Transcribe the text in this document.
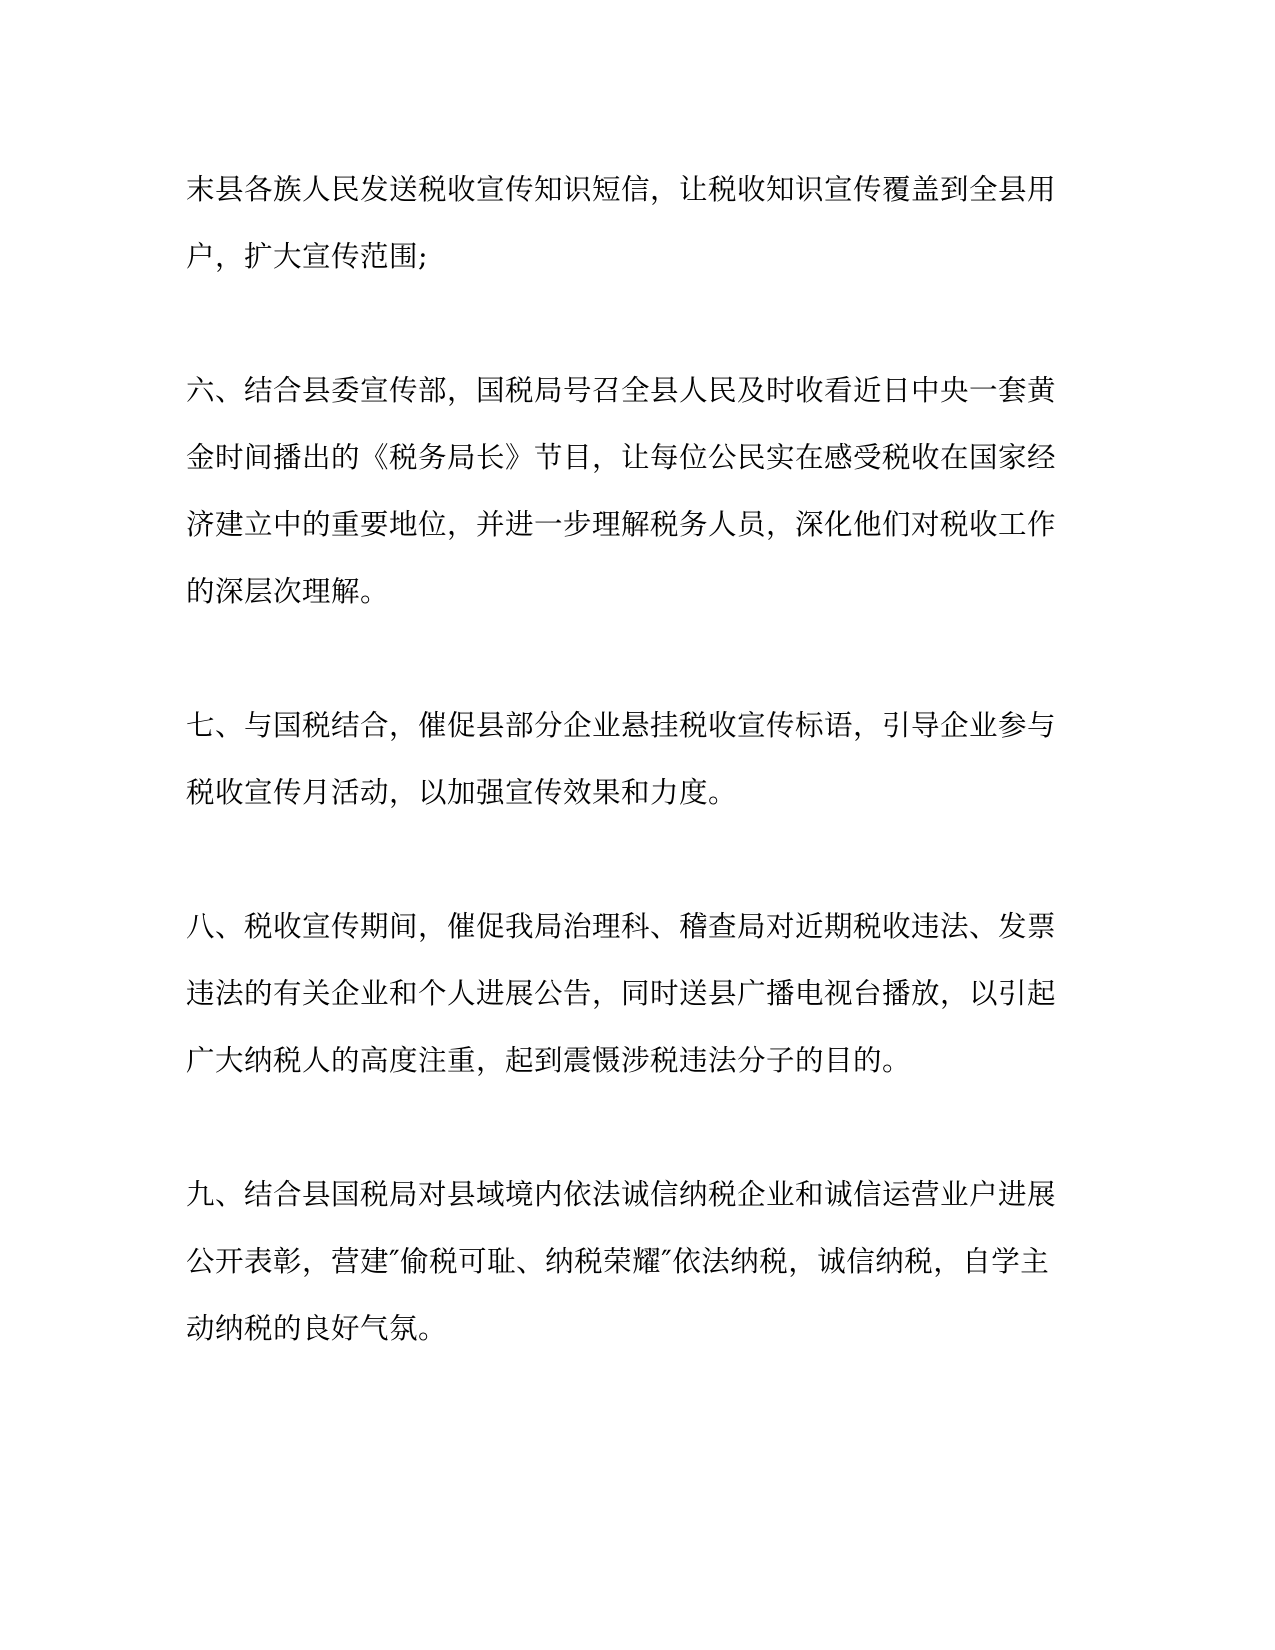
末县各族人民发送税收宣传知识短信，让税收知识宣传覆盖到全县用
户，扩大宣传范围;
六、结合县委宣传部，国税局号召全县人民及时收看近日中央一套黄
金时间播出的《税务局长》节目，让每位公民实在感受税收在国家经
济建立中的重要地位，并进一步理解税务人员，深化他们对税收工作
的深层次理解。
七、与国税结合，催促县部分企业悬挂税收宣传标语，引导企业参与
税收宣传月活动，以加强宣传效果和力度。
八、税收宣传期间，催促我局治理科、稽查局对近期税收违法、发票
违法的有关企业和个人进展公告，同时送县广播电视台播放，以引起
广大纳税人的高度注重，起到震慑涉税违法分子的目的。
九、结合县国税局对县域境内依法诚信纳税企业和诚信运营业户进展
公开表彰，营建″偷税可耻、纳税荣耀″依法纳税，诚信纳税，自学主
动纳税的良好气氛。
